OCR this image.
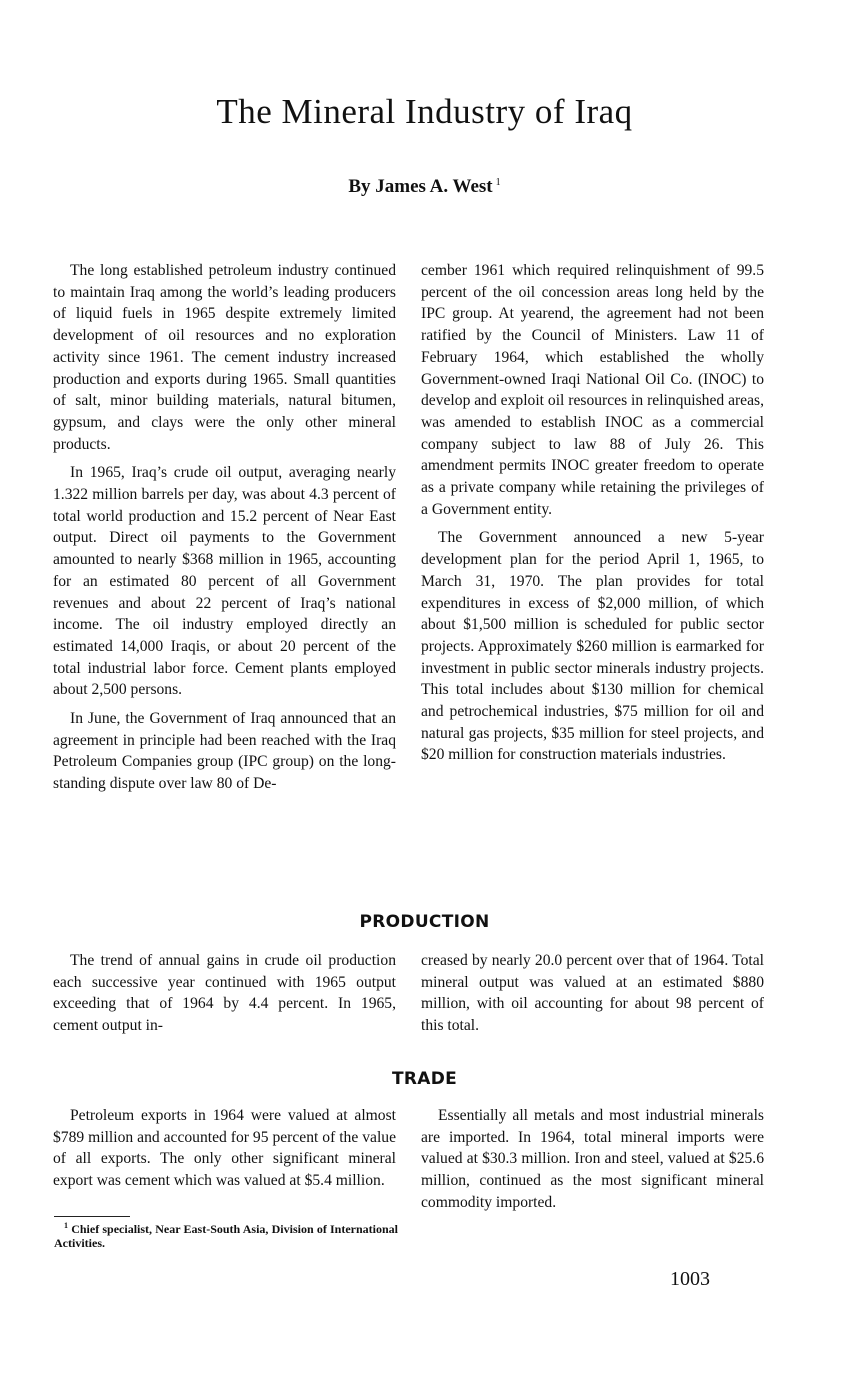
The Mineral Industry of Iraq

By James A. West $^1$

The long established petroleum industry continued to maintain Iraq among the world’s leading producers of liquid fuels in 1965 despite extremely limited development of oil resources and no exploration activity since 1961. The cement industry increased production and exports during 1965. Small quantities of salt, minor building materials, natural bitumen, gypsum, and clays were the only other mineral products.

In 1965, Iraq’s crude oil output, averaging nearly 1.322 million barrels per day, was about 4.3 percent of total world production and 15.2 percent of Near East output. Direct oil payments to the Government amounted to nearly $368 million in 1965, accounting for an estimated 80 percent of all Government revenues and about 22 percent of Iraq’s national income. The oil industry employed directly an estimated 14,000 Iraqis, or about 20 percent of the total industrial labor force. Cement plants employed about 2,500 persons.

In June, the Government of Iraq announced that an agreement in principle had been reached with the Iraq Petroleum Companies group (IPC group) on the long-standing dispute over law 80 of De-

cember 1961 which required relinquishment of 99.5 percent of the oil concession areas long held by the IPC group. At yearend, the agreement had not been ratified by the Council of Ministers. Law 11 of February 1964, which established the wholly Government-owned Iraqi National Oil Co. (INOC) to develop and exploit oil resources in relinquished areas, was amended to establish INOC as a commercial company subject to law 88 of July 26. This amendment permits INOC greater freedom to operate as a private company while retaining the privileges of a Government entity.

The Government announced a new 5-year development plan for the period April 1, 1965, to March 31, 1970. The plan provides for total expenditures in excess of $2,000 million, of which about $1,500 million is scheduled for public sector projects. Approximately $260 million is earmarked for investment in public sector minerals industry projects. This total includes about $130 million for chemical and petrochemical industries, $75 million for oil and natural gas projects, $35 million for steel projects, and $20 million for construction materials industries.

PRODUCTION

The trend of annual gains in crude oil production each successive year continued with 1965 output exceeding that of 1964 by 4.4 percent. In 1965, cement output in-

creased by nearly 20.0 percent over that of 1964. Total mineral output was valued at an estimated $880 million, with oil accounting for about 98 percent of this total.

TRADE

Petroleum exports in 1964 were valued at almost $789 million and accounted for 95 percent of the value of all exports. The only other significant mineral export was cement which was valued at $5.4 million.

Essentially all metals and most industrial minerals are imported. In 1964, total mineral imports were valued at $30.3 million. Iron and steel, valued at $25.6 million, continued as the most significant mineral commodity imported.

$^1$ Chief specialist, Near East-South Asia, Division of International Activities.

1003
